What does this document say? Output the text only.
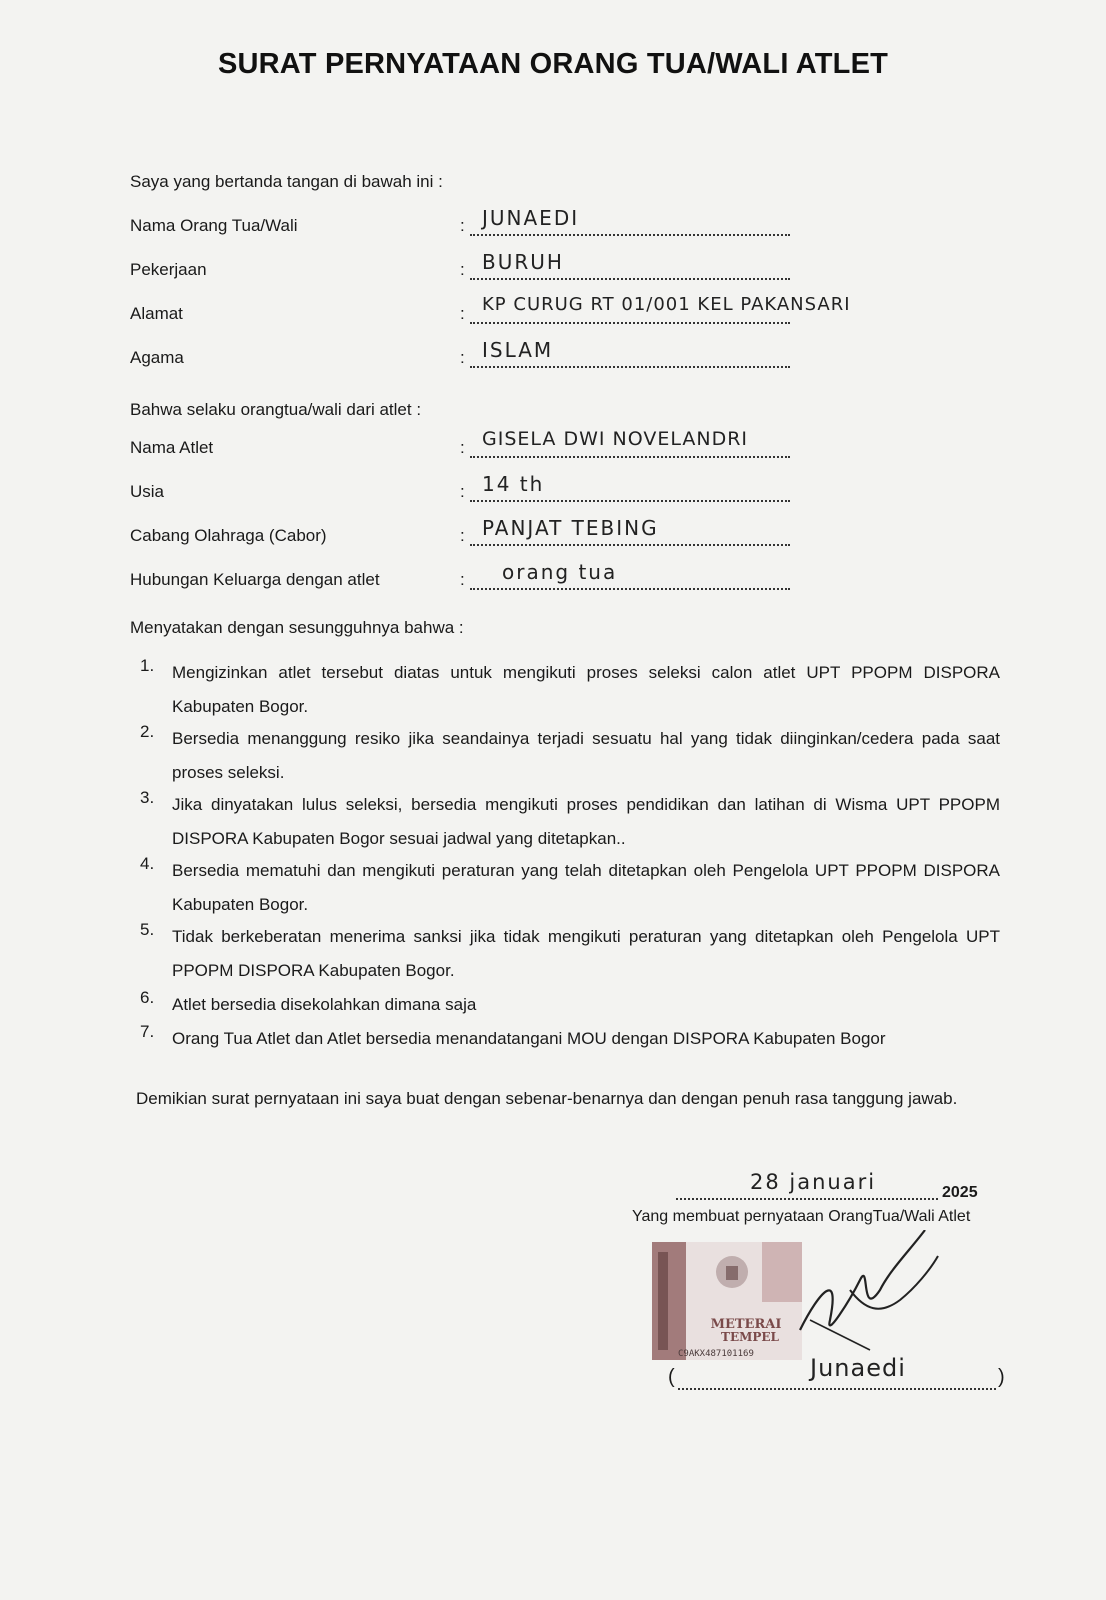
SURAT PERNYATAAN ORANG TUA/WALI ATLET
Saya yang bertanda tangan di bawah ini :
Nama Orang Tua/Wali	: JUNAEDI
Pekerjaan	: BURUH
Alamat	: KP CURUG RT 01/001 KEL PAKANSARI
Agama	: ISLAM
Bahwa selaku orangtua/wali dari atlet :
Nama Atlet	: GISELA DWI NOVELANDRI
Usia	: 14 th
Cabang Olahraga (Cabor)	: PANJAT TEBING
Hubungan Keluarga dengan atlet	: orang tua
Menyatakan dengan sesungguhnya bahwa :
1.	Mengizinkan atlet tersebut diatas untuk mengikuti proses seleksi calon atlet UPT PPOPM DISPORA Kabupaten Bogor.
2.	Bersedia menanggung resiko jika seandainya terjadi sesuatu hal yang tidak diinginkan/cedera pada saat proses seleksi.
3.	Jika dinyatakan lulus seleksi, bersedia mengikuti proses pendidikan dan latihan di Wisma UPT PPOPM DISPORA Kabupaten Bogor sesuai jadwal yang ditetapkan..
4.	Bersedia mematuhi dan mengikuti peraturan yang telah ditetapkan oleh Pengelola UPT PPOPM DISPORA Kabupaten Bogor.
5.	Tidak berkeberatan menerima sanksi jika tidak mengikuti peraturan yang ditetapkan oleh Pengelola UPT PPOPM DISPORA Kabupaten Bogor.
6.	Atlet bersedia disekolahkan dimana saja
7.	Orang Tua Atlet dan Atlet bersedia menandatangani MOU dengan DISPORA Kabupaten Bogor
Demikian surat pernyataan ini saya buat dengan sebenar-benarnya dan dengan penuh rasa tanggung jawab.
28 januari	2025
Yang membuat pernyataan OrangTua/Wali Atlet
METERAI
TEMPEL
C9AKX487101169
(	Junaedi	)
